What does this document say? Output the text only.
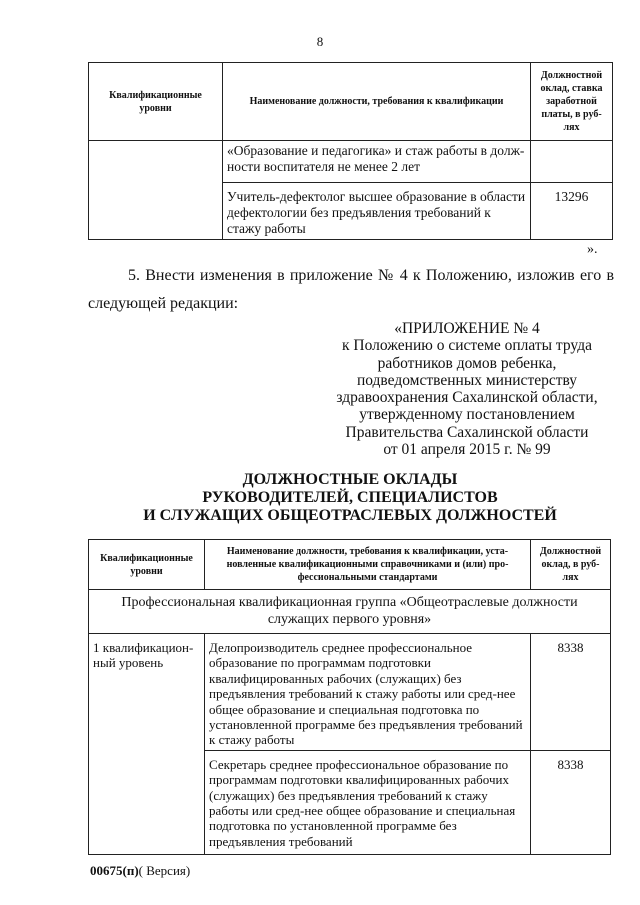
8
Квалификационные уровни	Наименование должности, требования к квалификации	Должностной оклад, ставка заработной платы, в руб-лях
	«Образование и педагогика» и стаж работы в долж-ности воспитателя не менее 2 лет	
	Учитель-дефектолог высшее образование в области дефектологии без предъявления требований к стажу работы	13296
».
5. Внести изменения в приложение № 4 к Положению, изложив его в следующей редакции:
«ПРИЛОЖЕНИЕ № 4
к Положению о системе оплаты труда
работников домов ребенка,
подведомственных министерству
здравоохранения Сахалинской области,
утвержденному постановлением
Правительства Сахалинской области
от 01 апреля 2015 г. № 99
ДОЛЖНОСТНЫЕ ОКЛАДЫ
РУКОВОДИТЕЛЕЙ, СПЕЦИАЛИСТОВ
И СЛУЖАЩИХ ОБЩЕОТРАСЛЕВЫХ ДОЛЖНОСТЕЙ
Квалификационные уровни	Наименование должности, требования к квалификации, уста-новленные квалификационными справочниками и (или) про-фессиональными стандартами	Должностной оклад, в руб-лях
Профессиональная квалификационная группа «Общеотраслевые должности служащих первого уровня»		
1 квалификацион-ный уровень	Делопроизводитель среднее профессиональное образование по программам подготовки квалифицированных рабочих (служащих) без предъявления требований к стажу работы или сред-нее общее образование и специальная подготовка по установленной программе без предъявления требований к стажу работы	8338
	Секретарь среднее профессиональное образование по программам подготовки квалифицированных рабочих (служащих) без предъявления требований к стажу работы или сред-нее общее образование и специальная подготовка по установленной программе без предъявления требований	8338
00675(п)( Версия)
